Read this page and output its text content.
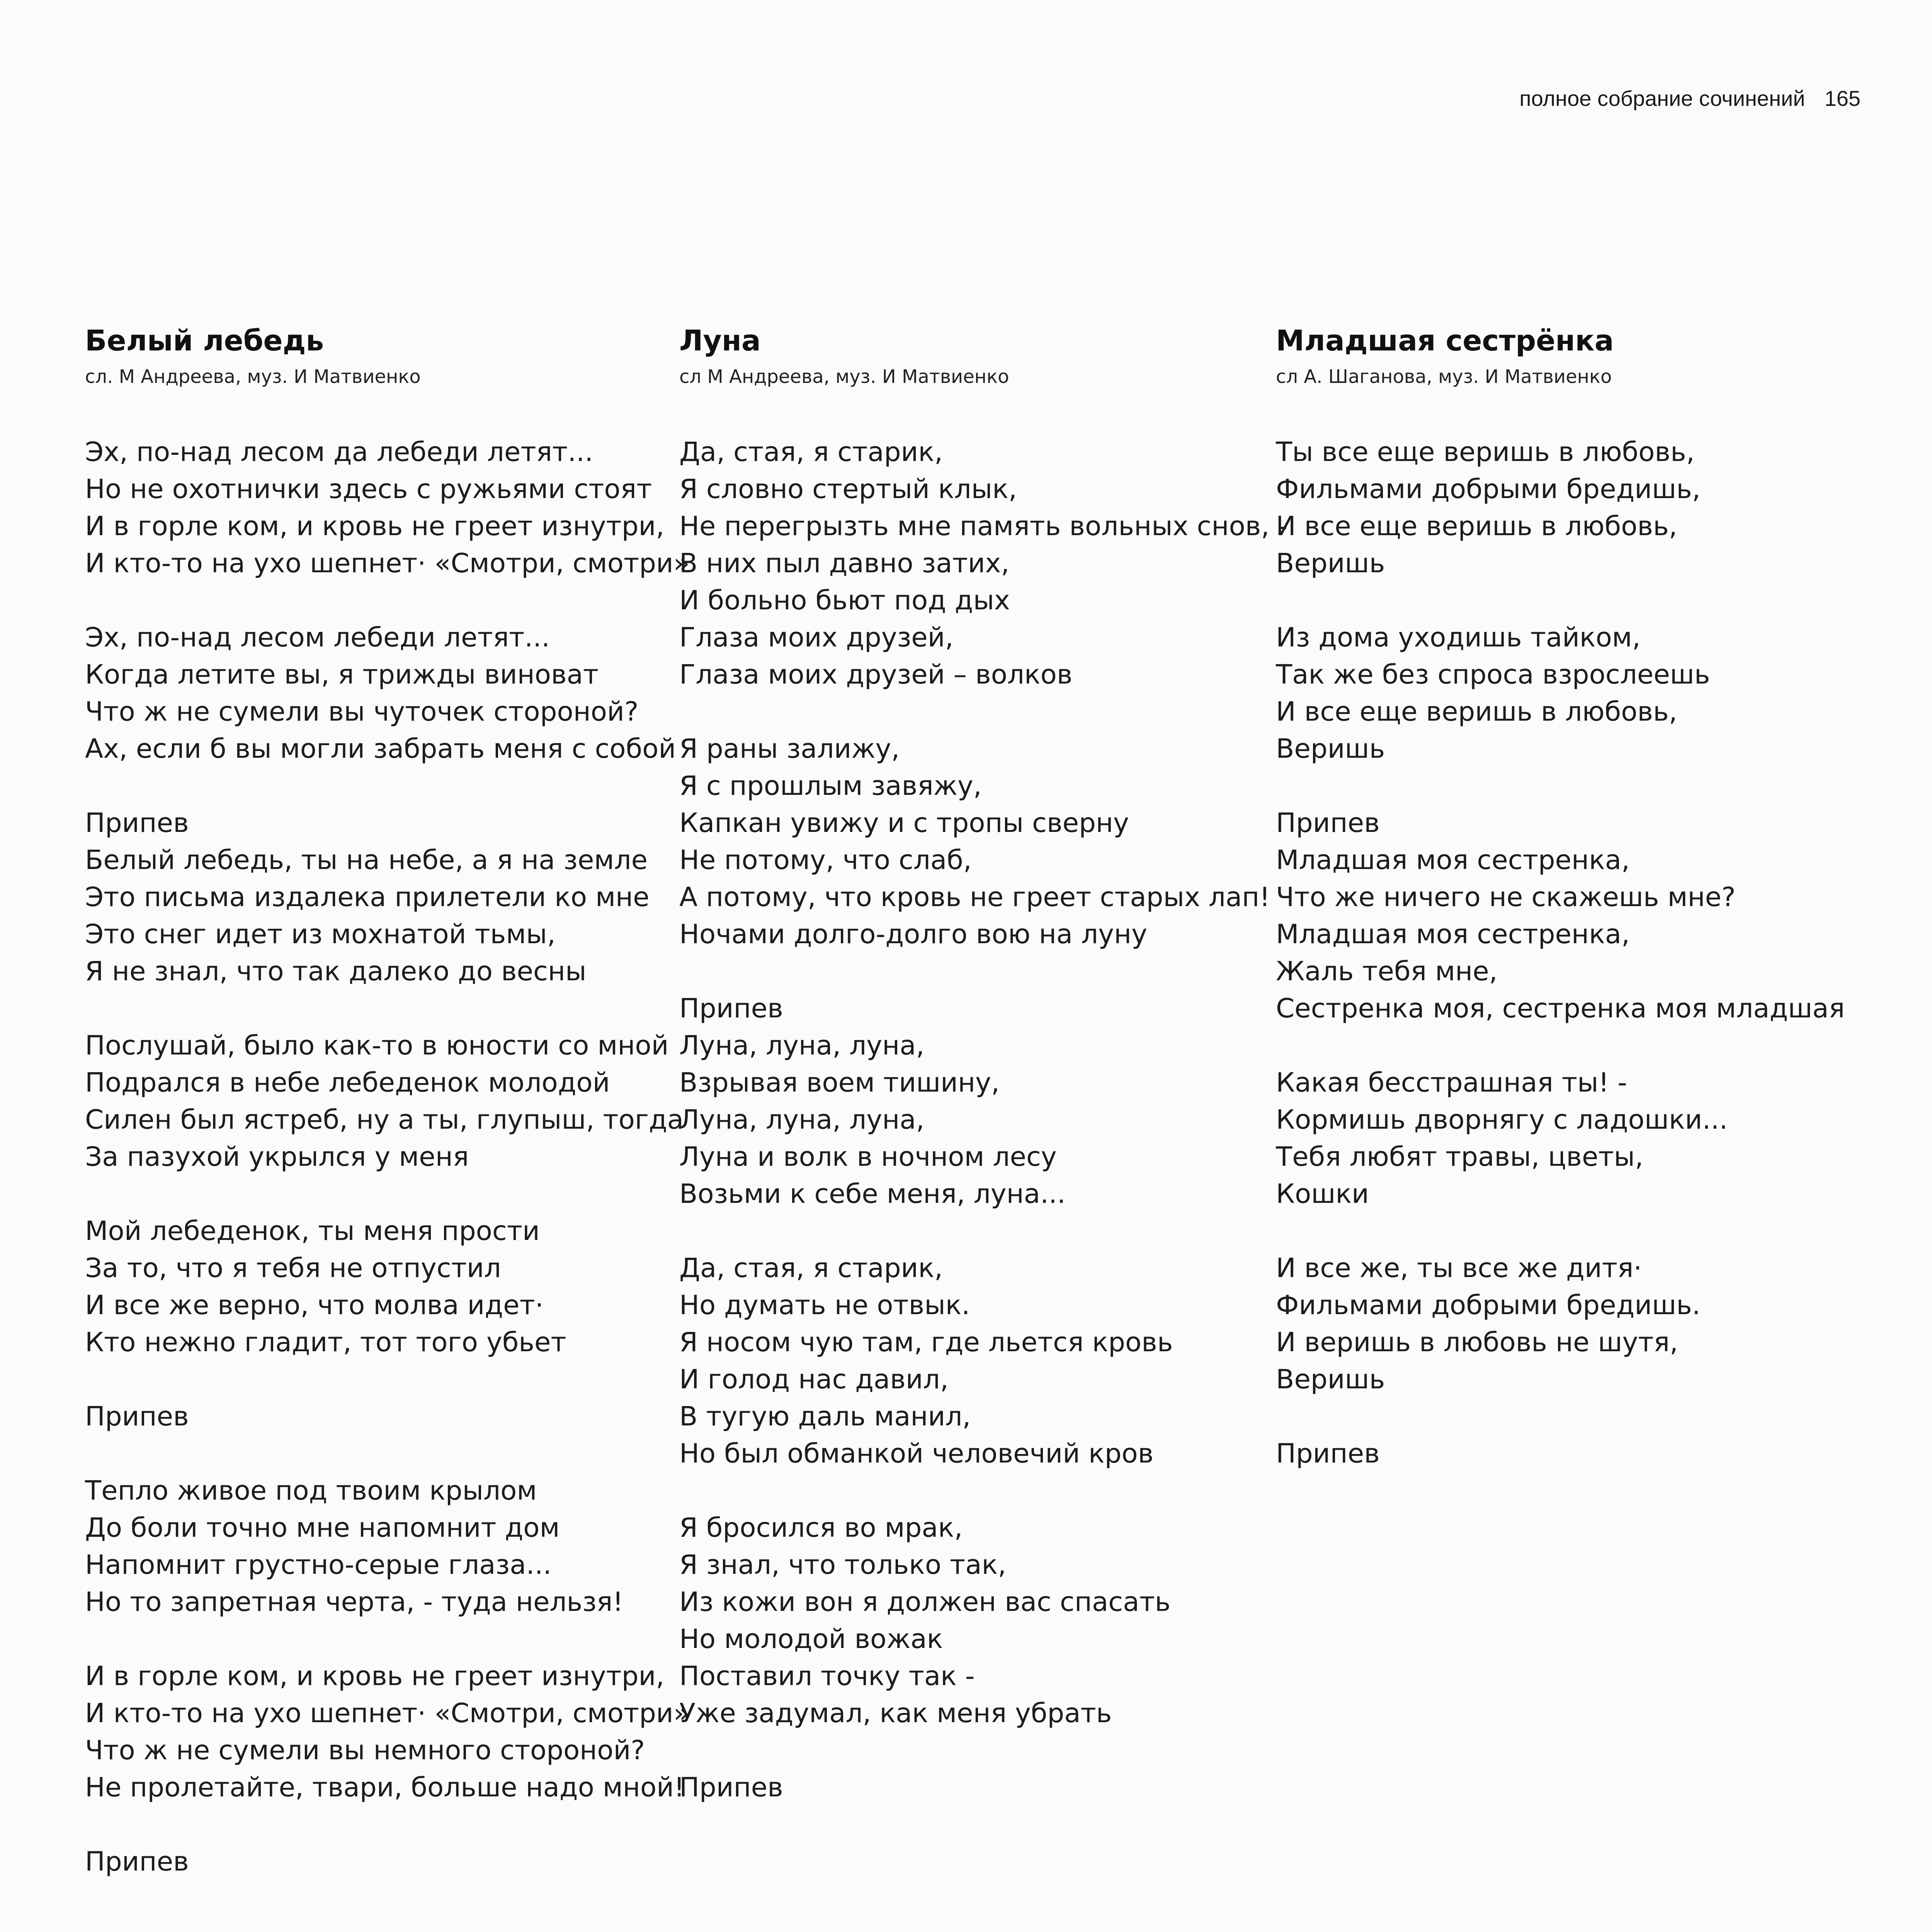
полное собрание сочинений 165
Белый лебедь
сл. М Андреева, муз. И Матвиенко
Эх, по-над лесом да лебеди летят...
Но не охотнички здесь с ружьями стоят
И в горле ком, и кровь не греет изнутри,
И кто-то на ухо шепнет· «Смотри, смотри»
Эх, по-над лесом лебеди летят...
Когда летите вы, я трижды виноват
Что ж не сумели вы чуточек стороной?
Ах, если б вы могли забрать меня с собой
Припев
Белый лебедь, ты на небе, а я на земле
Это письма издалека прилетели ко мне
Это снег идет из мохнатой тьмы,
Я не знал, что так далеко до весны
Послушай, было как-то в юности со мной
Подрался в небе лебеденок молодой
Силен был ястреб, ну а ты, глупыш, тогда
За пазухой укрылся у меня
Мой лебеденок, ты меня прости
За то, что я тебя не отпустил
И все же верно, что молва идет·
Кто нежно гладит, тот того убьет
Припев
Тепло живое под твоим крылом
До боли точно мне напомнит дом
Напомнит грустно-серые глаза...
Но то запретная черта, - туда нельзя!
И в горле ком, и кровь не греет изнутри,
И кто-то на ухо шепнет· «Смотри, смотри»
Что ж не сумели вы немного стороной?
Не пролетайте, твари, больше надо мной!
Припев
Луна
сл М Андреева, муз. И Матвиенко
Да, стая, я старик,
Я словно стертый клык,
Не перегрызть мне память вольных снов, -
В них пыл давно затих,
И больно бьют под дых
Глаза моих друзей,
Глаза моих друзей – волков
Я раны залижу,
Я с прошлым завяжу,
Капкан увижу и с тропы сверну
Не потому, что слаб,
А потому, что кровь не греет старых лап!
Ночами долго-долго вою на луну
Припев
Луна, луна, луна,
Взрывая воем тишину,
Луна, луна, луна,
Луна и волк в ночном лесу
Возьми к себе меня, луна...
Да, стая, я старик,
Но думать не отвык.
Я носом чую там, где льется кровь
И голод нас давил,
В тугую даль манил,
Но был обманкой человечий кров
Я бросился во мрак,
Я знал, что только так,
Из кожи вон я должен вас спасать
Но молодой вожак
Поставил точку так -
Уже задумал, как меня убрать
Припев
Младшая сестрёнка
сл А. Шаганова, муз. И Матвиенко
Ты все еще веришь в любовь,
Фильмами добрыми бредишь,
И все еще веришь в любовь,
Веришь
Из дома уходишь тайком,
Так же без спроса взрослеешь
И все еще веришь в любовь,
Веришь
Припев
Младшая моя сестренка,
Что же ничего не скажешь мне?
Младшая моя сестренка,
Жаль тебя мне,
Сестренка моя, сестренка моя младшая
Какая бесстрашная ты! -
Кормишь дворнягу с ладошки...
Тебя любят травы, цветы,
Кошки
И все же, ты все же дитя·
Фильмами добрыми бредишь.
И веришь в любовь не шутя,
Веришь
Припев
